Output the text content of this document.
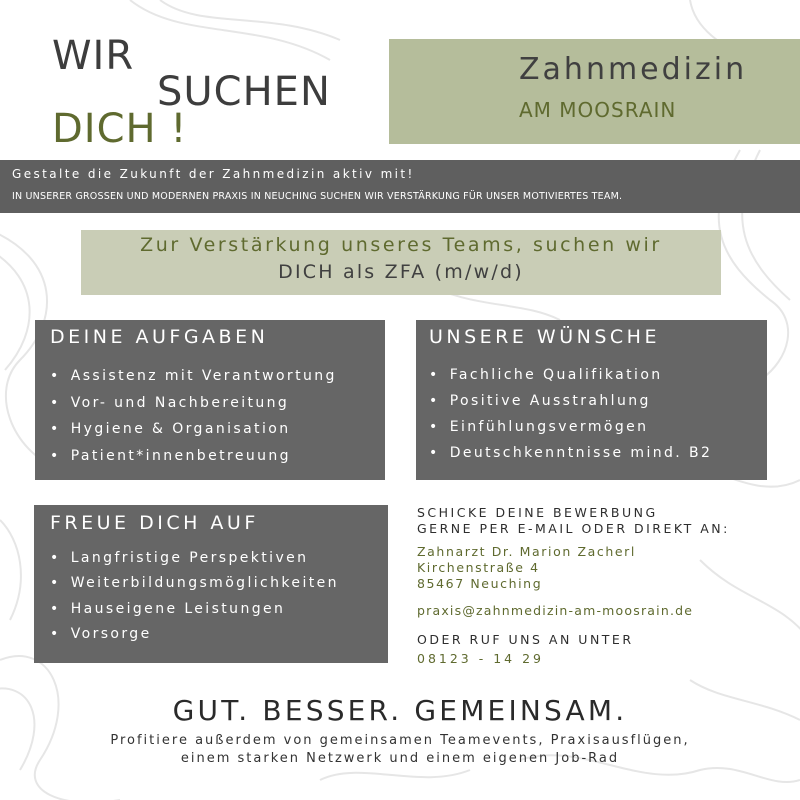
WIR
SUCHEN
DICH !
Zahnmedizin
AM MOOSRAIN
Gestalte die Zukunft der Zahnmedizin aktiv mit!
IN UNSERER GROSSEN UND MODERNEN PRAXIS IN NEUCHING SUCHEN WIR VERSTÄRKUNG FÜR UNSER MOTIVIERTES TEAM.
Zur Verstärkung unseres Teams, suchen wir
DICH als ZFA (m/w/d)
DEINE AUFGABEN
• Assistenz mit Verantwortung
• Vor- und Nachbereitung
• Hygiene & Organisation
• Patient*innenbetreuung
UNSERE WÜNSCHE
• Fachliche Qualifikation
• Positive Ausstrahlung
• Einfühlungsvermögen
• Deutschkenntnisse mind. B2
FREUE DICH AUF
• Langfristige Perspektiven
• Weiterbildungsmöglichkeiten
• Hauseigene Leistungen
• Vorsorge
SCHICKE DEINE BEWERBUNG
GERNE PER E-MAIL ODER DIREKT AN:
Zahnarzt Dr. Marion Zacherl
Kirchenstraße 4
85467 Neuching
praxis@zahnmedizin-am-moosrain.de
ODER RUF UNS AN UNTER
08123 - 14 29
GUT. BESSER. GEMEINSAM.
Profitiere außerdem von gemeinsamen Teamevents, Praxisausflügen,
einem starken Netzwerk und einem eigenen Job-Rad
